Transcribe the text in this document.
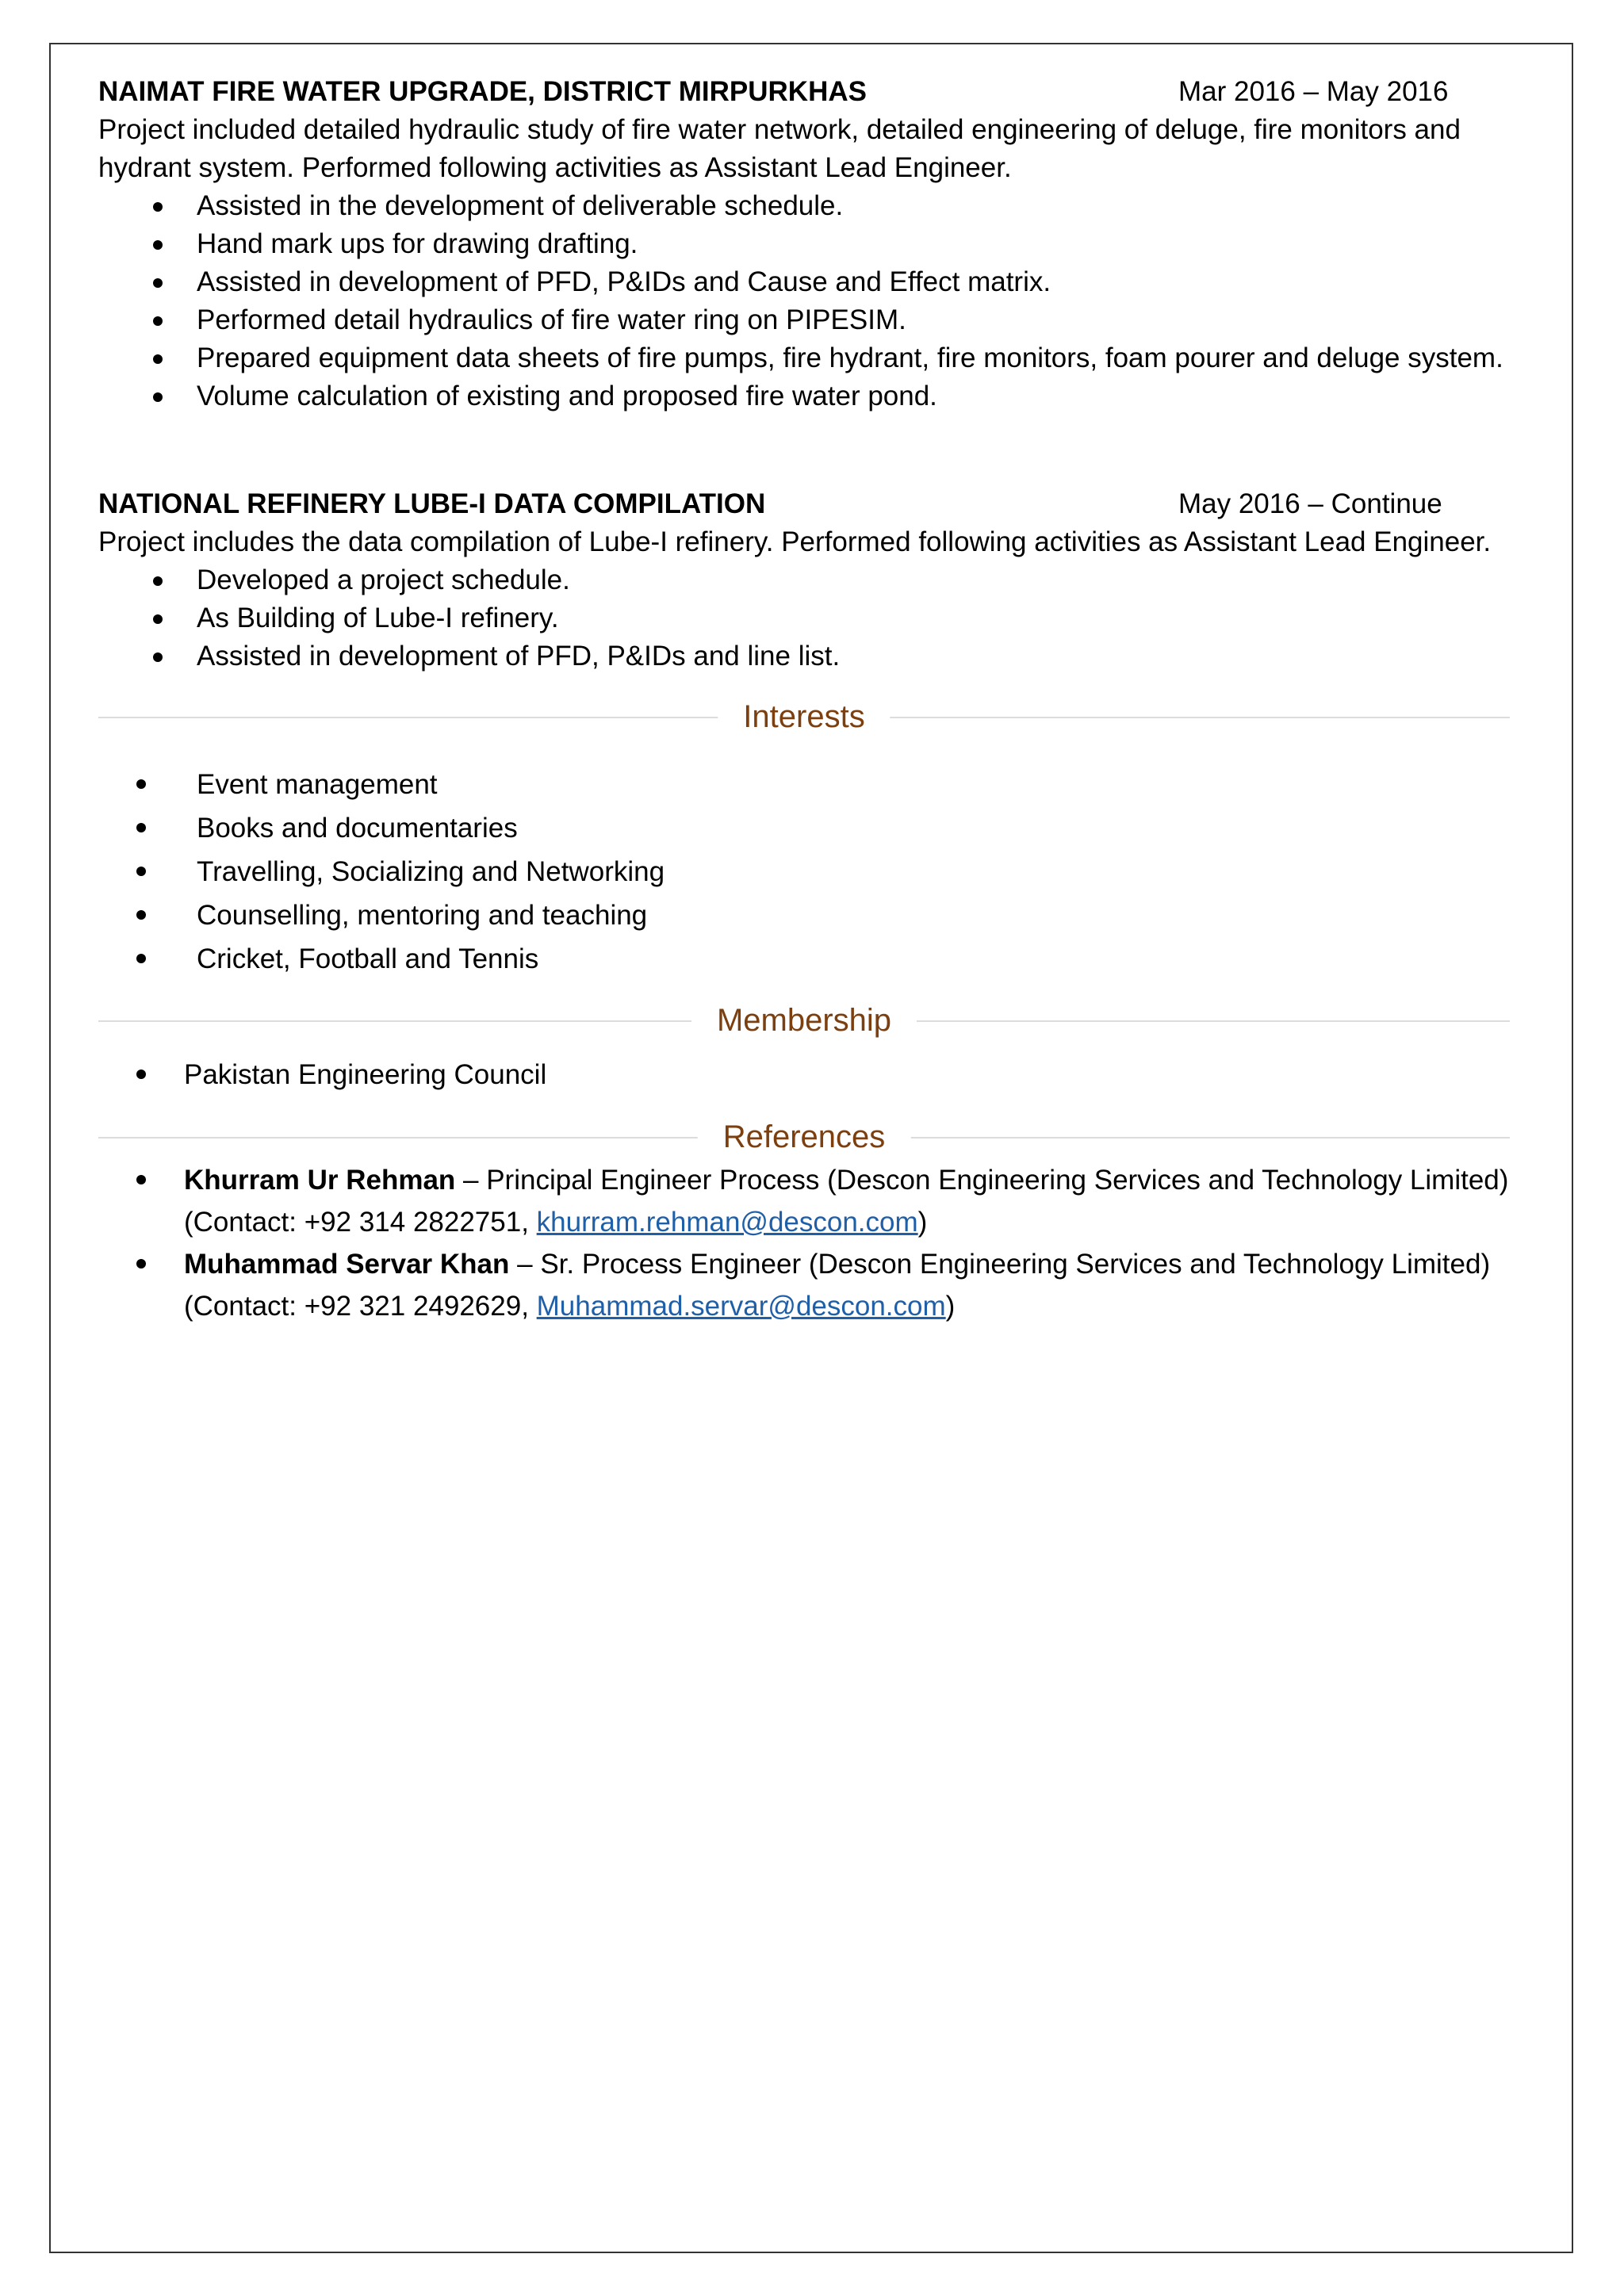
NAIMAT FIRE WATER UPGRADE, DISTRICT MIRPURKHAS	Mar 2016 – May 2016

Project included detailed hydraulic study of fire water network, detailed engineering of deluge, fire monitors and hydrant system. Performed following activities as Assistant Lead Engineer.

Assisted in the development of deliverable schedule.
Hand mark ups for drawing drafting.
Assisted in development of PFD, P&IDs and Cause and Effect matrix.
Performed detail hydraulics of fire water ring on PIPESIM.
Prepared equipment data sheets of fire pumps, fire hydrant, fire monitors, foam pourer and deluge system.
Volume calculation of existing and proposed fire water pond.
NATIONAL REFINERY LUBE-I DATA COMPILATION	May 2016 – Continue

Project includes the data compilation of Lube-I refinery. Performed following activities as Assistant Lead Engineer.

Developed a project schedule.
As Building of Lube-I refinery.
Assisted in development of PFD, P&IDs and line list.
Interests
Event management
Books and documentaries
Travelling, Socializing and Networking
Counselling, mentoring and teaching
Cricket, Football and Tennis
Membership
Pakistan Engineering Council
References
Khurram Ur Rehman – Principal Engineer Process (Descon Engineering Services and Technology Limited)
(Contact: +92 314 2822751, khurram.rehman@descon.com)
Muhammad Servar Khan – Sr. Process Engineer (Descon Engineering Services and Technology Limited)
(Contact: +92 321 2492629, Muhammad.servar@descon.com)
